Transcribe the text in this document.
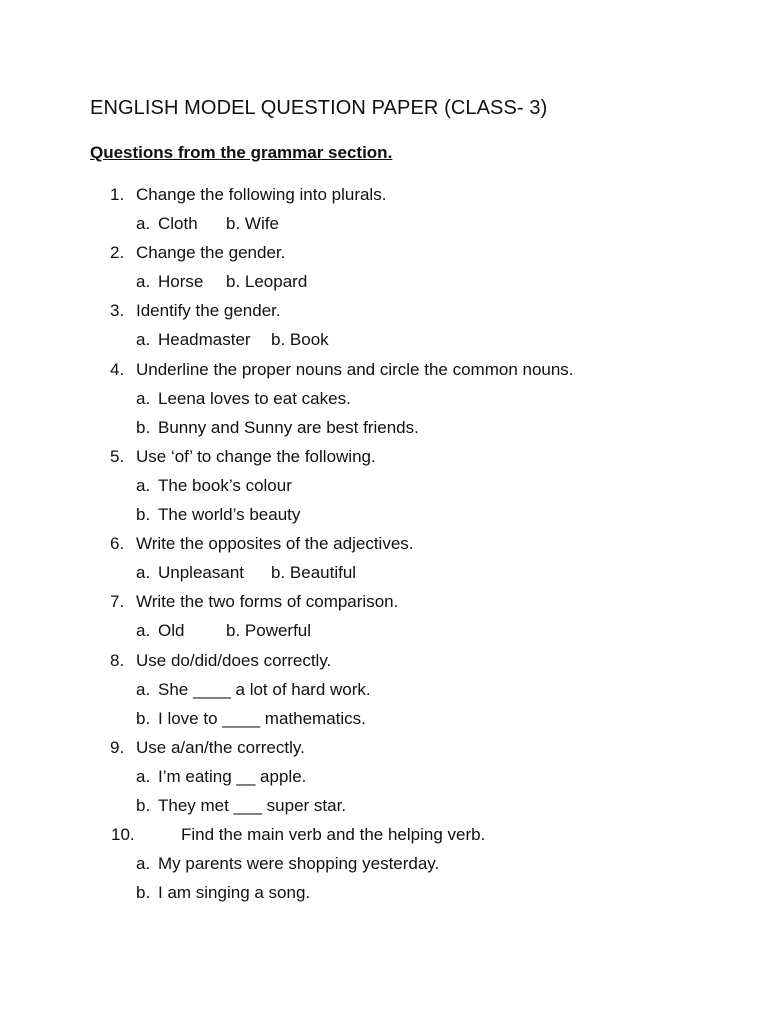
ENGLISH MODEL QUESTION PAPER (CLASS- 3)
Questions from the grammar section.
1. Change the following into plurals.
a. Cloth b. Wife
2. Change the gender.
a. Horse b. Leopard
3. Identify the gender.
a. Headmaster b. Book
4. Underline the proper nouns and circle the common nouns.
a. Leena loves to eat cakes.
b. Bunny and Sunny are best friends.
5. Use ‘of’ to change the following.
a. The book’s colour
b. The world’s beauty
6. Write the opposites of the adjectives.
a. Unpleasant b. Beautiful
7. Write the two forms of comparison.
a. Old b. Powerful
8. Use do/did/does correctly.
a. She ____ a lot of hard work.
b. I love to ____ mathematics.
9. Use a/an/the correctly.
a. I’m eating __ apple.
b. They met ___ super star.
10.	Find the main verb and the helping verb.
a. My parents were shopping yesterday.
b. I am singing a song.
